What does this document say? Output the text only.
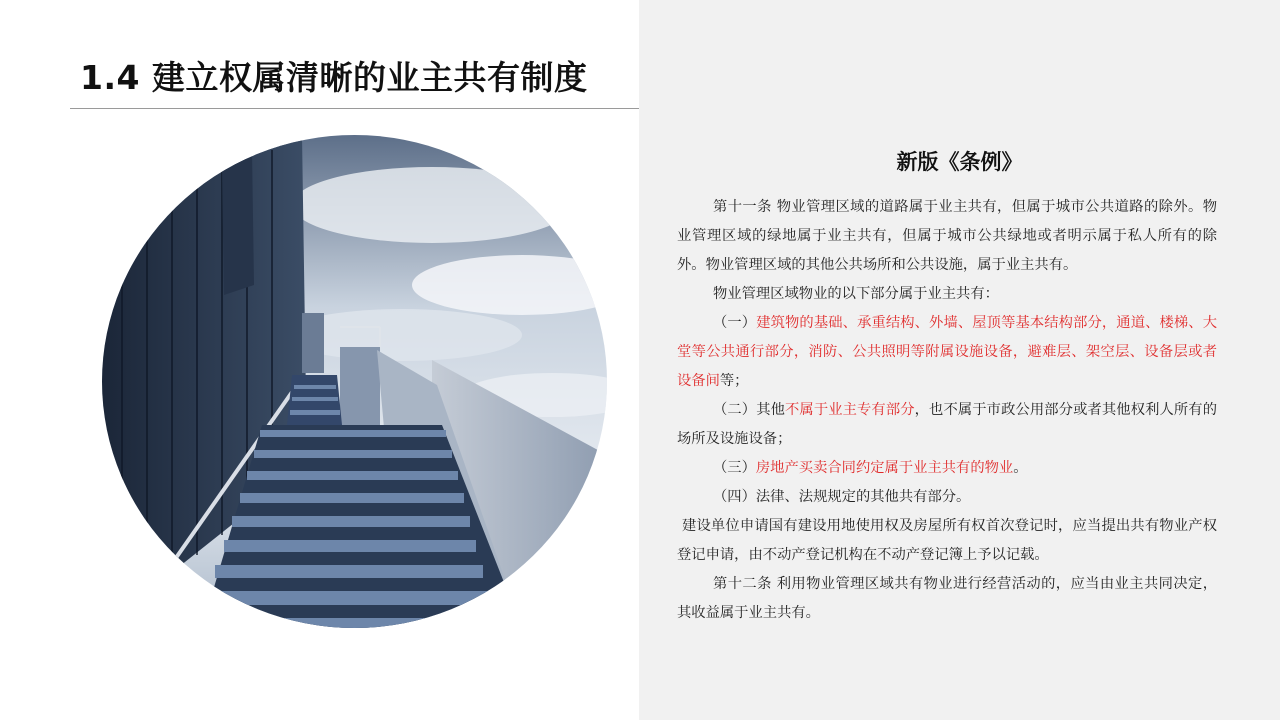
1.4 建立权属清晰的业主共有制度
新版《条例》

第十一条 物业管理区域的道路属于业主共有，但属于城市公共道路的除外。物业管理区域的绿地属于业主共有，但属于城市公共绿地或者明示属于私人所有的除外。物业管理区域的其他公共场所和公共设施，属于业主共有。

物业管理区域物业的以下部分属于业主共有：

（一）建筑物的基础、承重结构、外墙、屋顶等基本结构部分，通道、楼梯、大堂等公共通行部分，消防、公共照明等附属设施设备，避难层、架空层、设备层或者设备间等；

（二）其他不属于业主专有部分，也不属于市政公用部分或者其他权利人所有的场所及设施设备；

（三）房地产买卖合同约定属于业主共有的物业。

（四）法律、法规规定的其他共有部分。

建设单位申请国有建设用地使用权及房屋所有权首次登记时，应当提出共有物业产权登记申请，由不动产登记机构在不动产登记簿上予以记载。

第十二条 利用物业管理区域共有物业进行经营活动的，应当由业主共同决定，其收益属于业主共有。
